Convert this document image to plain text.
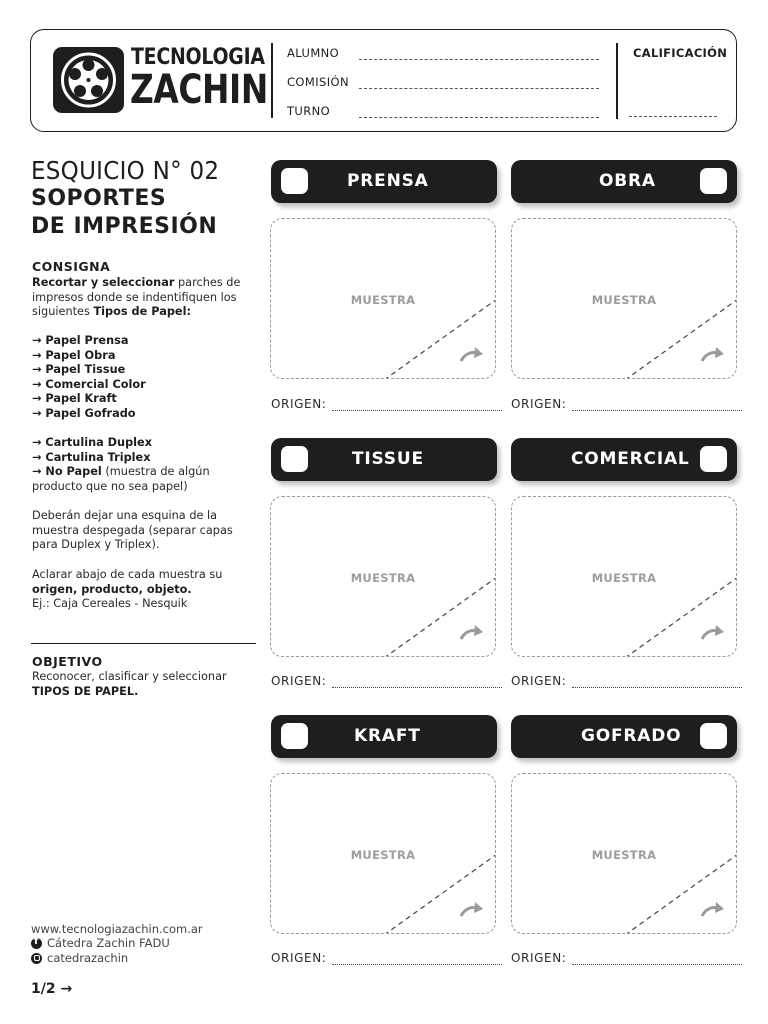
TECNOLOGIA
ZACHIN
ALUMNO
COMISIÓN
TURNO
CALIFICACIÓN
ESQUICIO N° 02
SOPORTES
DE IMPRESIÓN
CONSIGNA
Recortar y seleccionar parches de impresos donde se indentifiquen los siguientes Tipos de Papel:
→ Papel Prensa
→ Papel Obra
→ Papel Tissue
→ Comercial Color
→ Papel Kraft
→ Papel Gofrado
→ Cartulina Duplex
→ Cartulina Triplex
→ No Papel (muestra de algún producto que no sea papel)
Deberán dejar una esquina de la muestra despegada (separar capas para Duplex y Triplex).
Aclarar abajo de cada muestra su
origen, producto, objeto.
Ej.: Caja Cereales - Nesquik
OBJETIVO
Reconocer, clasificar y seleccionar
TIPOS DE PAPEL.
www.tecnologiazachin.com.ar
f
Cátedra Zachin FADU
catedrazachin
1/2 →
PRENSA	OBRA
MUESTRA	MUESTRA
ORIGEN:	ORIGEN:
TISSUE	COMERCIAL
MUESTRA	MUESTRA
ORIGEN:	ORIGEN:
KRAFT	GOFRADO
MUESTRA	MUESTRA
ORIGEN:	ORIGEN:
